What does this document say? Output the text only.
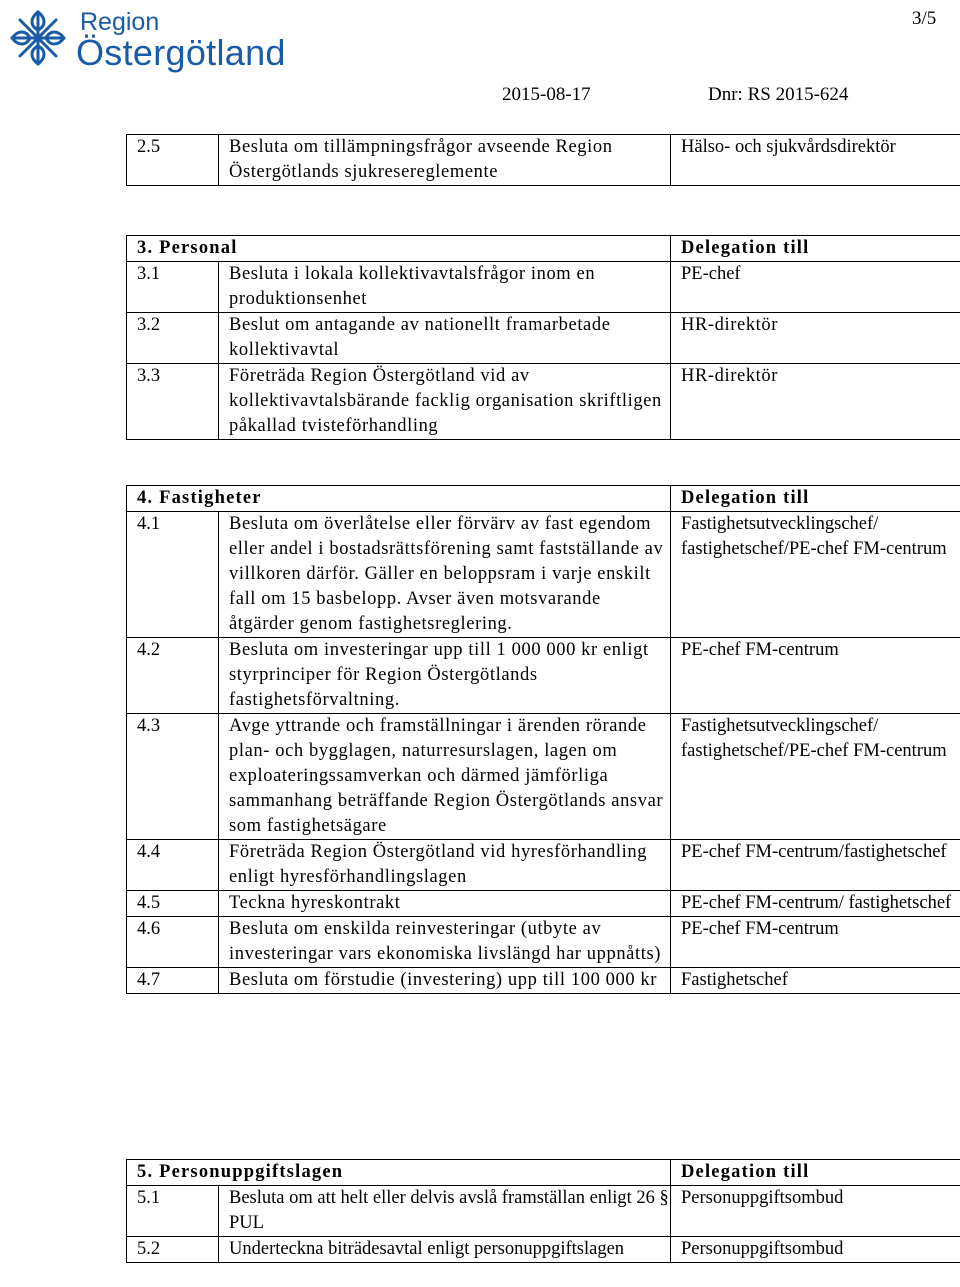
Region
Östergötland
3/5
2015-08-17	Dnr: RS 2015-624
2.5	Besluta om tillämpningsfrågor avseende Region Östergötlands sjukresereglemente	Hälso- och sjukvårdsdirektör
3. Personal		Delegation till
3.1	Besluta i lokala kollektivavtalsfrågor inom en produktionsenhet	PE-chef
3.2	Beslut om antagande av nationellt framarbetade kollektivavtal	HR-direktör
3.3	Företräda Region Östergötland vid av kollektivavtalsbärande facklig organisation skriftligen påkallad tvisteförhandling	HR-direktör
4. Fastigheter		Delegation till
4.1	Besluta om överlåtelse eller förvärv av fast egendom eller andel i bostadsrättsförening samt fastställande av villkoren därför. Gäller en beloppsram i varje enskilt fall om 15 basbelopp. Avser även motsvarande åtgärder genom fastighetsreglering.	Fastighetsutvecklingschef/ fastighetschef/PE-chef FM-centrum
4.2	Besluta om investeringar upp till 1 000 000 kr enligt styrprinciper för Region Östergötlands fastighetsförvaltning.	PE-chef FM-centrum
4.3	Avge yttrande och framställningar i ärenden rörande plan- och bygglagen, naturresurslagen, lagen om exploateringssamverkan och därmed jämförliga sammanhang beträffande Region Östergötlands ansvar som fastighetsägare	Fastighetsutvecklingschef/ fastighetschef/PE-chef FM-centrum
4.4	Företräda Region Östergötland vid hyresförhandling enligt hyresförhandlingslagen	PE-chef FM-centrum/fastighetschef
4.5	Teckna hyreskontrakt	PE-chef FM-centrum/ fastighetschef
4.6	Besluta om enskilda reinvesteringar (utbyte av investeringar vars ekonomiska livslängd har uppnåtts)	PE-chef FM-centrum
4.7	Besluta om förstudie (investering) upp till 100 000 kr	Fastighetschef
5. Personuppgiftslagen		Delegation till
5.1	Besluta om att helt eller delvis avslå framställan enligt 26 § PUL	Personuppgiftsombud
5.2	Underteckna biträdesavtal enligt personuppgiftslagen	Personuppgiftsombud
